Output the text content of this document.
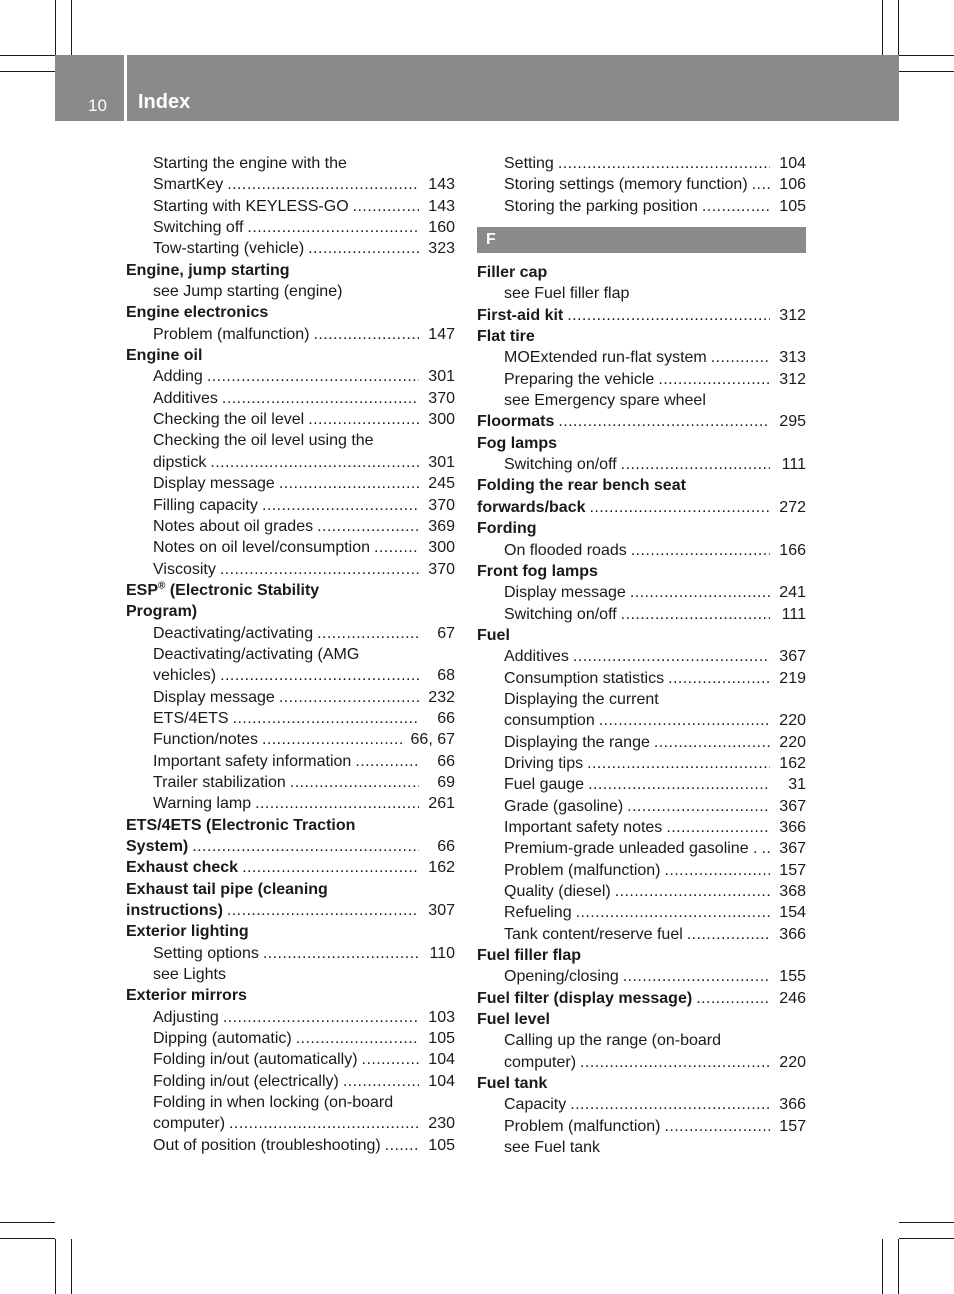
10 Index
Starting the engine with the
SmartKey . . .	143
Starting with KEYLESS-GO . . .	143
Switching off . . .	160
Tow-starting (vehicle) . . .	323
Engine, jump starting
see Jump starting (engine)
Engine electronics
Problem (malfunction) . . .	147
Engine oil
Adding . . .	301
Additives . . .	370
Checking the oil level . . .	300
Checking the oil level using the
dipstick . . .	301
Display message . . .	245
Filling capacity . . .	370
Notes about oil grades . . .	369
Notes on oil level/consumption . . .	300
Viscosity . . .	370
ESP® (Electronic Stability
Program)
Deactivating/activating . . .	67
Deactivating/activating (AMG
vehicles) . . .	68
Display message . . .	232
ETS/4ETS . . .	66
Function/notes . . .	66, 67
Important safety information . . .	66
Trailer stabilization . . .	69
Warning lamp . . .	261
ETS/4ETS (Electronic Traction
System) . . .	66
Exhaust check . . .	162
Exhaust tail pipe (cleaning
instructions) . . .	307
Exterior lighting
Setting options . . .	110
see Lights
Exterior mirrors
Adjusting . . .	103
Dipping (automatic) . . .	105
Folding in/out (automatically) . . .	104
Folding in/out (electrically) . . .	104
Folding in when locking (on-board
computer) . . .	230
Out of position (troubleshooting) . . .	105
Setting . . .	104
Storing settings (memory function) . . .	106
Storing the parking position . . .	105
F
Filler cap
see Fuel filler flap
First-aid kit . . .	312
Flat tire
MOExtended run-flat system . . .	313
Preparing the vehicle . . .	312
see Emergency spare wheel
Floormats . . .	295
Fog lamps
Switching on/off . . .	111
Folding the rear bench seat
forwards/back . . .	272
Fording
On flooded roads . . .	166
Front fog lamps
Display message . . .	241
Switching on/off . . .	111
Fuel
Additives . . .	367
Consumption statistics . . .	219
Displaying the current
consumption . . .	220
Displaying the range . . .	220
Driving tips . . .	162
Fuel gauge . . .	31
Grade (gasoline) . . .	367
Important safety notes . . .	366
Premium-grade unleaded gasoline . . . .	367
Problem (malfunction) . . .	157
Quality (diesel) . . .	368
Refueling . . .	154
Tank content/reserve fuel . . .	366
Fuel filler flap
Opening/closing . . .	155
Fuel filter (display message) . . .	246
Fuel level
Calling up the range (on-board
computer) . . .	220
Fuel tank
Capacity . . .	366
Problem (malfunction) . . .	157
see Fuel tank
